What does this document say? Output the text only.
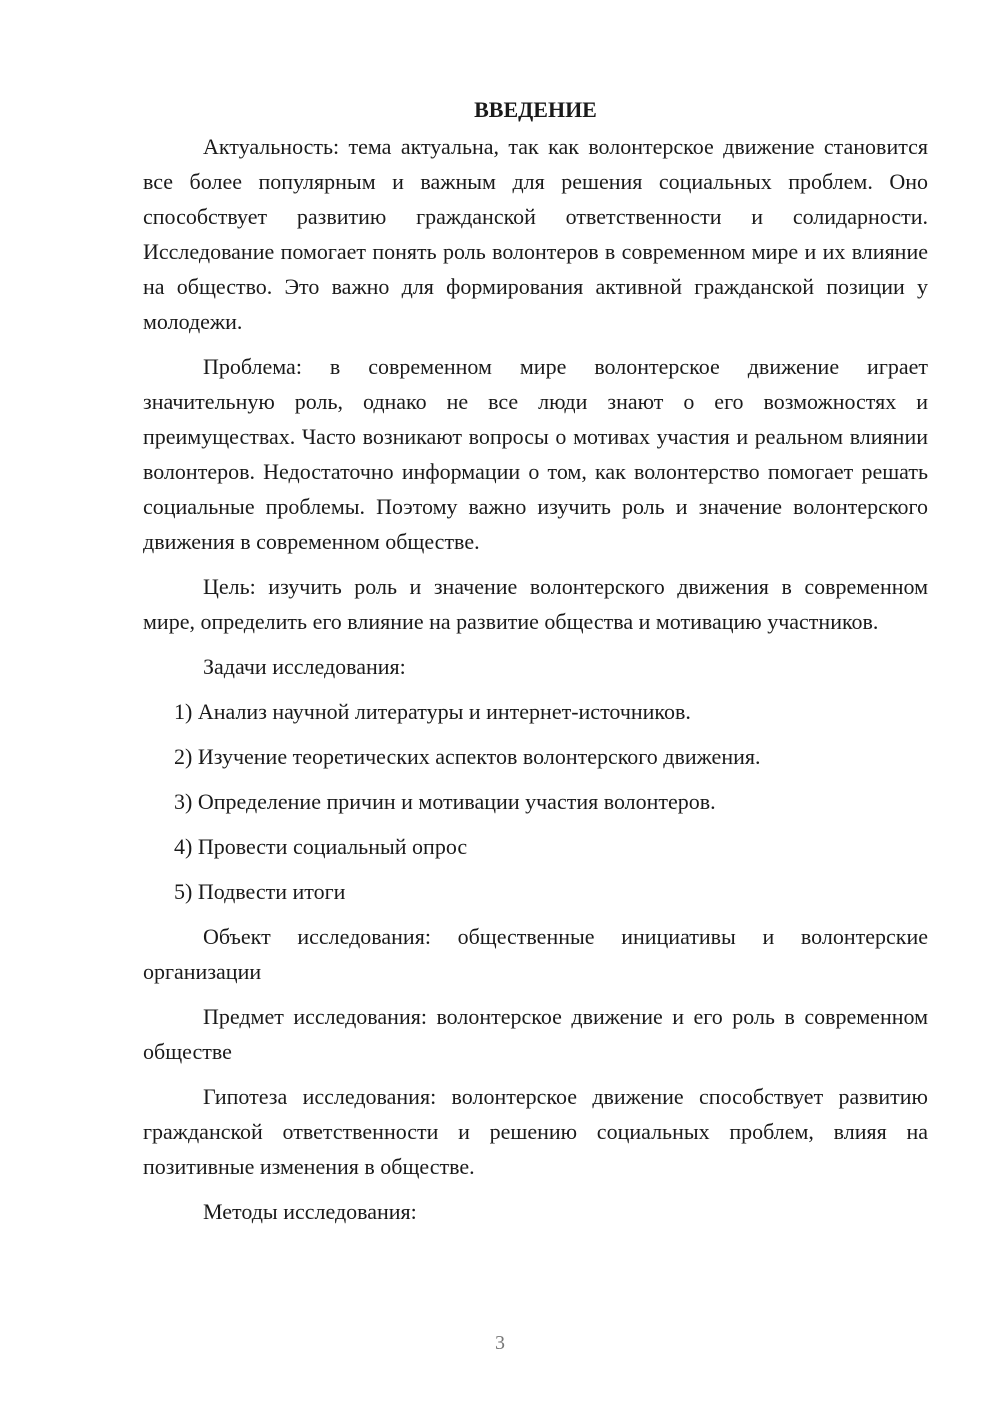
ВВЕДЕНИЕ

Актуальность: тема актуальна, так как волонтерское движение становится все более популярным и важным для решения социальных проблем. Оно способствует развитию гражданской ответственности и солидарности. Исследование помогает понять роль волонтеров в современном мире и их влияние на общество. Это важно для формирования активной гражданской позиции у молодежи.

Проблема: в современном мире волонтерское движение играет значительную роль, однако не все люди знают о его возможностях и преимуществах. Часто возникают вопросы о мотивах участия и реальном влиянии волонтеров. Недостаточно информации о том, как волонтерство помогает решать социальные проблемы. Поэтому важно изучить роль и значение волонтерского движения в современном обществе.

Цель: изучить роль и значение волонтерского движения в современном мире, определить его влияние на развитие общества и мотивацию участников.

Задачи исследования:

1) Анализ научной литературы и интернет-источников.
2) Изучение теоретических аспектов волонтерского движения.
3) Определение причин и мотивации участия волонтеров.
4) Провести социальный опрос
5) Подвести итоги

Объект исследования: общественные инициативы и волонтерские организации

Предмет исследования: волонтерское движение и его роль в современном обществе

Гипотеза исследования: волонтерское движение способствует развитию гражданской ответственности и решению социальных проблем, влияя на позитивные изменения в обществе.

Методы исследования:

3
